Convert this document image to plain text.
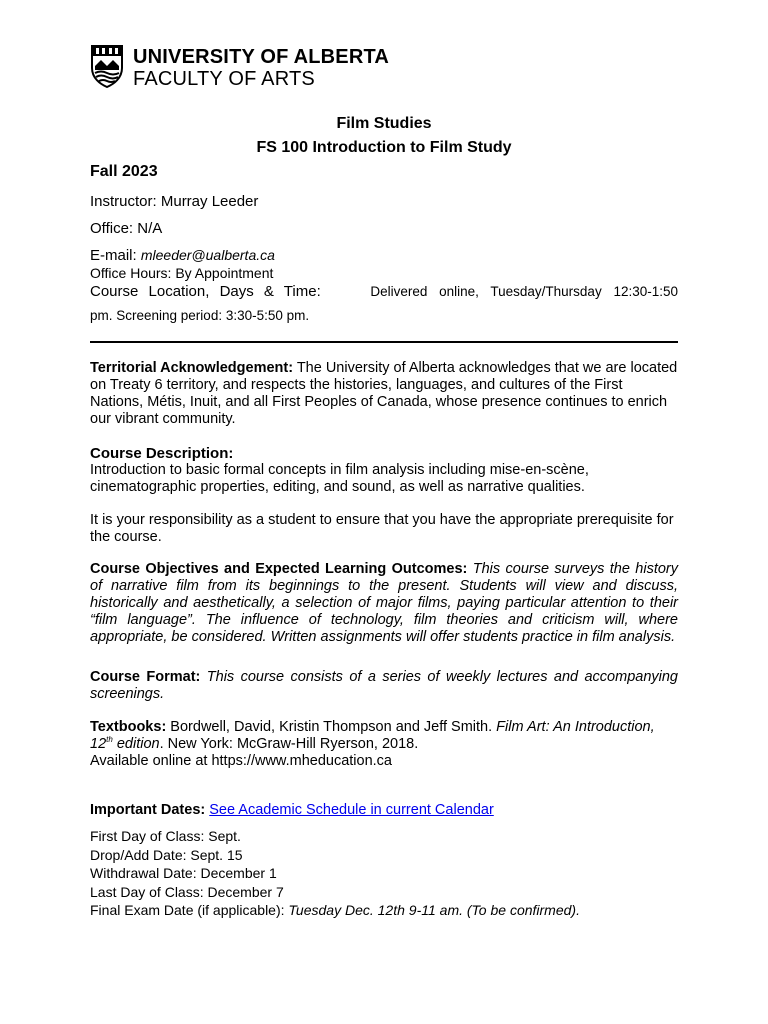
UNIVERSITY OF ALBERTA
FACULTY OF ARTS
Film Studies
FS 100 Introduction to Film Study
Fall 2023
Instructor: Murray Leeder
Office: N/A
E-mail: mleeder@ualberta.ca
Office Hours: By Appointment
Course Location, Days & Time:	Delivered online, Tuesday/Thursday 12:30-1:50
pm. Screening period: 3:30-5:50 pm.

Territorial Acknowledgement: The University of Alberta acknowledges that we are located on Treaty 6 territory, and respects the histories, languages, and cultures of the First Nations, Métis, Inuit, and all First Peoples of Canada, whose presence continues to enrich our vibrant community.

Course Description:

Introduction to basic formal concepts in film analysis including mise-en-scène, cinematographic properties, editing, and sound, as well as narrative qualities.

It is your responsibility as a student to ensure that you have the appropriate prerequisite for the course.

Course Objectives and Expected Learning Outcomes: This course surveys the history of narrative film from its beginnings to the present. Students will view and discuss, historically and aesthetically, a selection of major films, paying particular attention to their “film language”. The influence of technology, film theories and criticism will, where appropriate, be considered. Written assignments will offer students practice in film analysis.

Course Format: This course consists of a series of weekly lectures and accompanying screenings.

Textbooks: Bordwell, David, Kristin Thompson and Jeff Smith. Film Art: An Introduction, 12th edition. New York: McGraw-Hill Ryerson, 2018.
Available online at https://www.mheducation.ca

Important Dates: See Academic Schedule in current Calendar

First Day of Class: Sept.
Drop/Add Date: Sept. 15
Withdrawal Date: December 1
Last Day of Class: December 7
Final Exam Date (if applicable): Tuesday Dec. 12th 9-11 am. (To be confirmed).
